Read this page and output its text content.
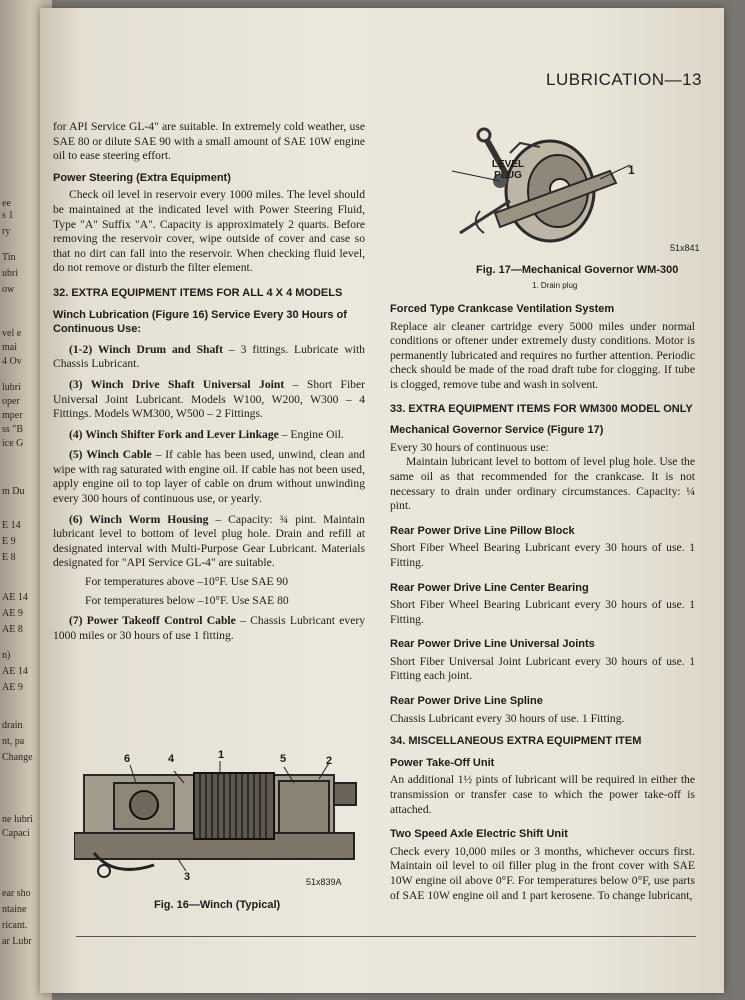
ee
s 1
ry
Tin
ubri
ow
vel e
mai
4 Ov
lubri
oper
mper
ss "B
ice G
m Du
E 14
E 9
E 8
AE 14
AE 9
AE 8
n)
AE 14
AE 9
drain
nt, pa
Change
ne lubri
Capaci
ear sho
ntaine
ricant.
ar Lubr
LUBRICATION—13

for API Service GL-4" are suitable. In extremely cold weather, use SAE 80 or dilute SAE 90 with a small amount of SAE 10W engine oil to ease steering effort.

Power Steering (Extra Equipment)

Check oil level in reservoir every 1000 miles. The level should be maintained at the indicated level with Power Steering Fluid, Type "A" Suffix "A". Capacity is approximately 2 quarts. Before removing the reservoir cover, wipe outside of cover and case so that no dirt can fall into the reservoir. When checking fluid level, do not remove or disturb the filter element.

32. EXTRA EQUIPMENT ITEMS FOR ALL 4 X 4 MODELS
Winch Lubrication (Figure 16) Service Every 30 Hours of Continuous Use:

(1-2) Winch Drum and Shaft – 3 fittings. Lubricate with Chassis Lubricant.

(3) Winch Drive Shaft Universal Joint – Short Fiber Universal Joint Lubricant. Models W100, W200, W300 – 4 Fittings. Models WM300, W500 – 2 Fittings.

(4) Winch Shifter Fork and Lever Linkage – Engine Oil.

(5) Winch Cable – If cable has been used, unwind, clean and wipe with rag saturated with engine oil. If cable has not been used, apply engine oil to top layer of cable on drum without unwinding every 300 hours of continuous use, or yearly.

(6) Winch Worm Housing – Capacity: ¾ pint. Maintain lubricant level to bottom of level plug hole. Drain and refill at designated interval with Multi-Purpose Gear Lubricant. Materials designated for "API Service GL-4" are suitable.

For temperatures above –10°F. Use SAE 90

For temperatures below –10°F. Use SAE 80

(7) Power Takeoff Control Cable – Chassis Lubricant every 1000 miles or 30 hours of use 1 fitting.

LEVEL PLUG	1
51x841
Fig. 17—Mechanical Governor WM-300
1. Drain plug
Forced Type Crankcase Ventilation System

Replace air cleaner cartridge every 5000 miles under normal conditions or oftener under extremely dusty conditions. Motor is permanently lubricated and requires no further attention. Periodic check should be made of the road draft tube for clogging. If tube is clogged, remove tube and wash in solvent.

33. EXTRA EQUIPMENT ITEMS FOR WM300 MODEL ONLY
Mechanical Governor Service (Figure 17)

Every 30 hours of continuous use:

Maintain lubricant level to bottom of level plug hole. Use the same oil as that recommended for the crankcase. It is not necessary to drain under ordinary circumstances. Capacity: ¼ pint.

Rear Power Drive Line Pillow Block

Short Fiber Wheel Bearing Lubricant every 30 hours of use. 1 Fitting.

Rear Power Drive Line Center Bearing

Short Fiber Wheel Bearing Lubricant every 30 hours of use. 1 Fitting.

Rear Power Drive Line Universal Joints

Short Fiber Universal Joint Lubricant every 30 hours of use. 1 Fitting each joint.

Rear Power Drive Line Spline

Chassis Lubricant every 30 hours of use. 1 Fitting.

34. MISCELLANEOUS EXTRA EQUIPMENT ITEM
Power Take-Off Unit

An additional 1½ pints of lubricant will be required in either the transmission or transfer case to which the power take-off is attached.

Two Speed Axle Electric Shift Unit

Check every 10,000 miles or 3 months, whichever occurs first. Maintain oil level to oil filler plug in the front cover with SAE 10W engine oil above 0°F. For temperatures below 0°F, use parts of SAE 10W engine oil and 1 part kerosene. To change lubricant,

6	4	1	5	2
3	51x839A
Fig. 16—Winch (Typical)
